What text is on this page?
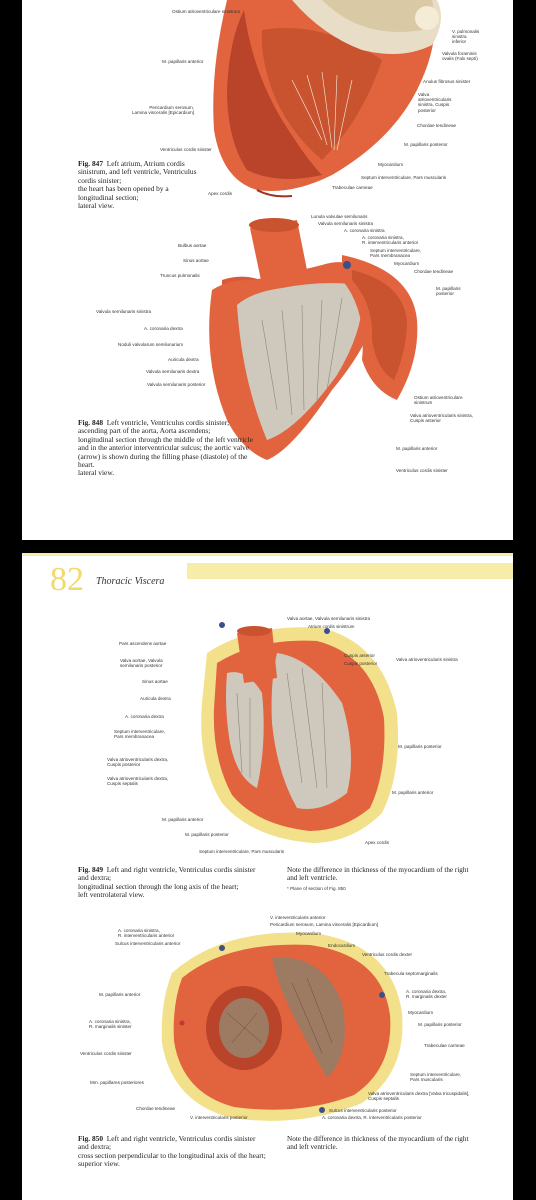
Ostium atrioventriculare sinistrum
M. papillaris anterior
Pericardium serosum,
Lamina visceralis [Epicardium]
Ventriculus cordis sinister
Apex cordis
V. pulmonalis
sinistra
inferior
Valvula foraminis
ovalis (Falx septi)
Anulus fibrosus sinister
Valva
atrioventricularis
sinistra, Cuspis
posterior
Chordae tendineae
M. papillaris posterior
Myocardium
Septum interventriculare, Pars muscularis
Trabeculae carneae
Fig. 847 Left atrium, Atrium cordis
sinistrum, and left ventricle, Ventriculus
cordis sinister;
the heart has been opened by a
longitudinal section;
lateral view.
Lunula valvulae semilunaris
Valvula semilunaris sinistra
A. coronaria sinistra
A. coronaria sinistra,
R. interventricularis anterior
Septum interventriculare,
Pars membranacea
Myocardium
Chordae tendineae
M. papillaris
posterior
Bulbus aortae
Sinus aortae
Truncus pulmonalis
Valvula semilunaris sinistra
A. coronaria dextra
Noduli valvularum semilunarium
Auricula dextra
Valvula semilunaris dextra
Valvula semilunaris posterior
Ostium atrioventriculare
sinistrum
Valva atrioventricularis sinistra,
Cuspis anterior
M. papillaris anterior
Ventriculus cordis sinister
Fig. 848 Left ventricle, Ventriculus cordis sinister;
ascending part of the aorta, Aorta ascendens;
longitudinal section through the middle of the left ventricle
and in the anterior interventricular sulcus; the aortic valve
(arrow) is shown during the filling phase (diastole) of the
heart.
lateral view.
82 Thoracic Viscera
Valva aortae, Valvula semilunaris sinistra
Atrium cordis sinistrum
Pars ascendens aortae
Valva aortae, Valvula
semilunaris posterior
Sinus aortae
Auricula dextra
A. coronaria dextra
Septum interventriculare,
Pars membranacea
Valva atrioventricularis dextra,
Cuspis posterior
Valva atrioventricularis dextra,
Cuspis septalis
M. papillaris anterior
M. papillaris posterior
Septum interventriculare, Pars muscularis
Cuspis anterior
Cuspis posterior
Valva atrioventricularis sinistra
M. papillaris posterior
M. papillaris anterior
Apex cordis
Fig. 849 Left and right ventricle, Ventriculus cordis sinister
and dextra;
longitudinal section through the long axis of the heart;
left ventrolateral view.
Note the difference in thickness of the myocardium of the right
and left ventricle.
* Plane of section of Fig. 850
V. interventricularis anterior
Pericardium serosum, Lamina visceralis [Epicardium]
Myocardium
Endocardium
Ventriculus cordis dexter
Trabecula septomarginalis
A. coronaria dextra,
R. marginalis dexter
Myocardium
M. papillaris posterior
Trabeculae carneae
Septum interventriculare,
Pars muscularis
Valva atrioventricularis dextra [Valva tricuspidalis],
Cuspis septalis
Sulcus interventricularis posterior
A. coronaria dextra, R. interventricularis posterior
A. coronaria sinistra,
R. interventricularis anterior
Sulcus interventricularis anterior
M. papillaris anterior
A. coronaria sinistra,
R. marginalis sinister
Ventriculus cordis sinister
Mm. papillares posteriores
Chordae tendineae
V. interventricularis posterior
Fig. 850 Left and right ventricle, Ventriculus cordis sinister
and dextra;
cross section perpendicular to the longitudinal axis of the heart;
superior view.
Note the difference in thickness of the myocardium of the right
and left ventricle.
